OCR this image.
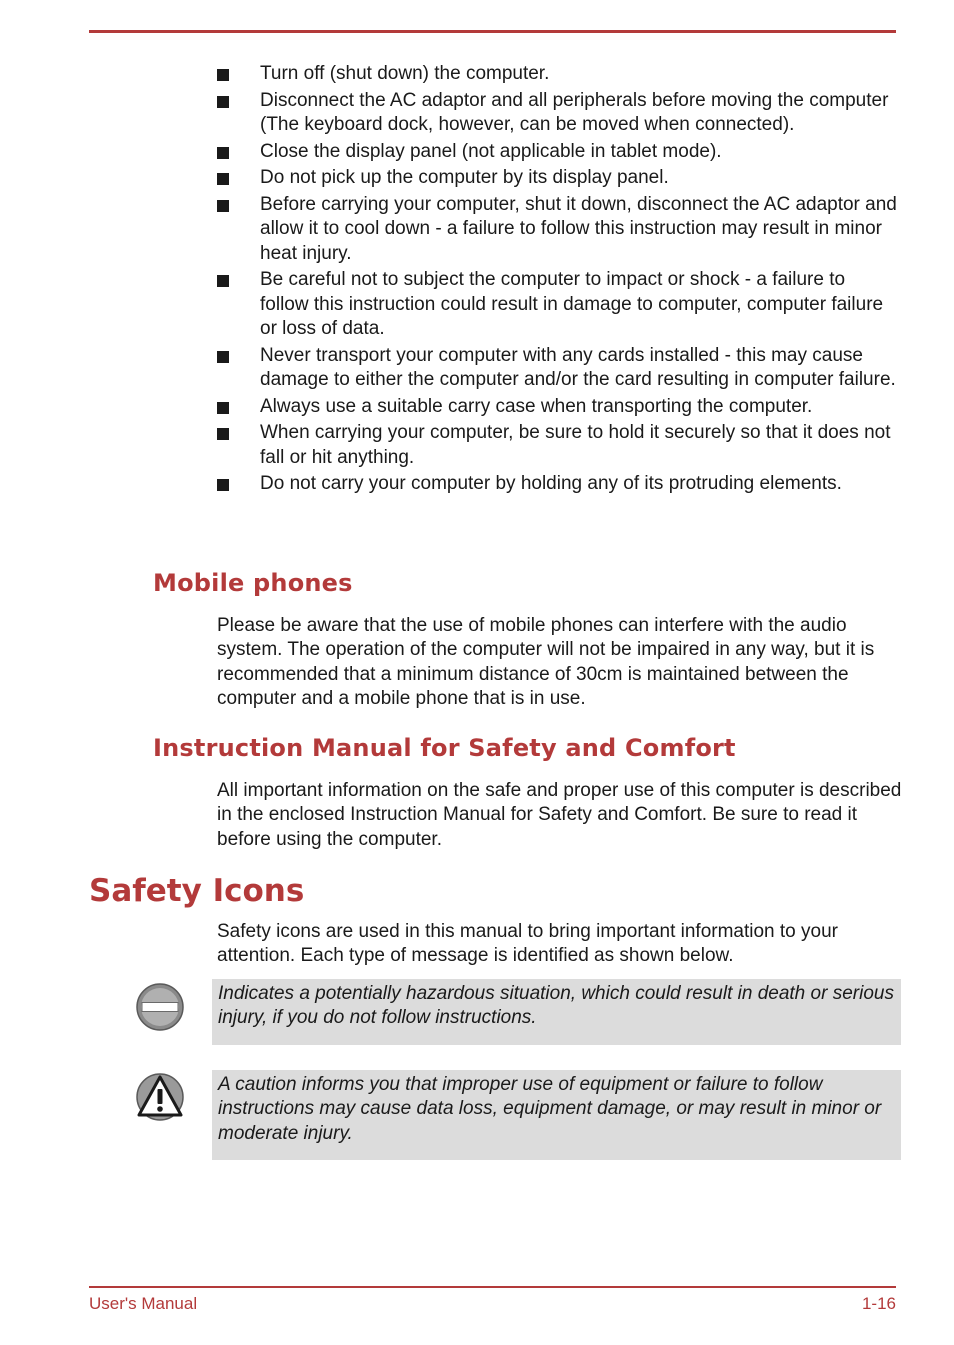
Turn off (shut down) the computer.
Disconnect the AC adaptor and all peripherals before moving the computer (The keyboard dock, however, can be moved when connected).
Close the display panel (not applicable in tablet mode).
Do not pick up the computer by its display panel.
Before carrying your computer, shut it down, disconnect the AC adaptor and allow it to cool down - a failure to follow this instruction may result in minor heat injury.
Be careful not to subject the computer to impact or shock - a failure to follow this instruction could result in damage to computer, computer failure or loss of data.
Never transport your computer with any cards installed - this may cause damage to either the computer and/or the card resulting in computer failure.
Always use a suitable carry case when transporting the computer.
When carrying your computer, be sure to hold it securely so that it does not fall or hit anything.
Do not carry your computer by holding any of its protruding elements.
Mobile phones
Please be aware that the use of mobile phones can interfere with the audio system. The operation of the computer will not be impaired in any way, but it is recommended that a minimum distance of 30cm is maintained between the computer and a mobile phone that is in use.
Instruction Manual for Safety and Comfort
All important information on the safe and proper use of this computer is described in the enclosed Instruction Manual for Safety and Comfort. Be sure to read it before using the computer.
Safety Icons
Safety icons are used in this manual to bring important information to your attention. Each type of message is identified as shown below.
Indicates a potentially hazardous situation, which could result in death or serious injury, if you do not follow instructions.
A caution informs you that improper use of equipment or failure to follow instructions may cause data loss, equipment damage, or may result in minor or moderate injury.
User's Manual	1-16
